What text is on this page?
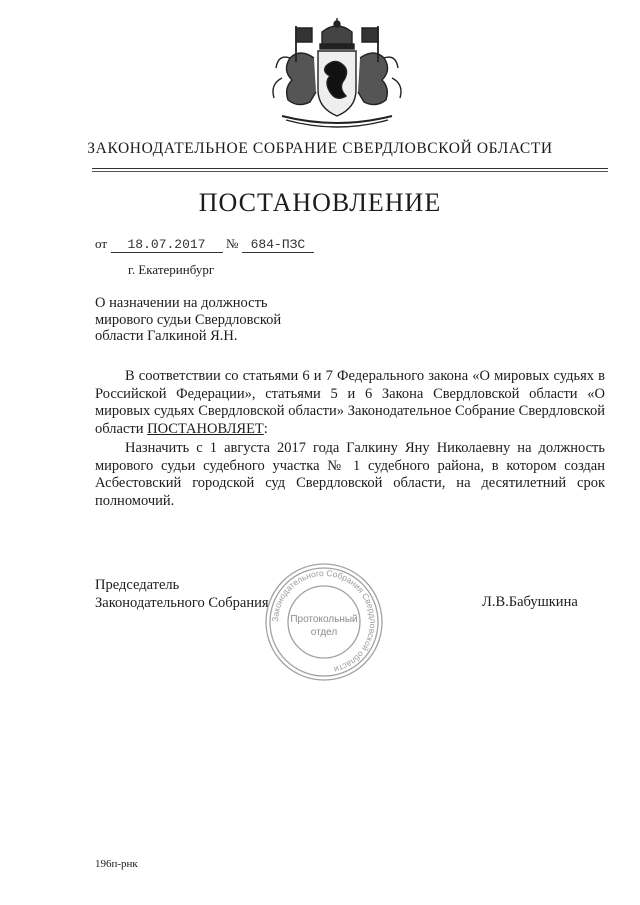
ЗАКОНОДАТЕЛЬНОЕ СОБРАНИЕ СВЕРДЛОВСКОЙ ОБЛАСТИ
ПОСТАНОВЛЕНИЕ
от 18.07.2017 № 684-ПЗС
г. Екатеринбург
О назначении на должность
мирового судьи Свердловской
области Галкиной Я.Н.

В соответствии со статьями 6 и 7 Федерального закона «О мировых судьях в Российской Федерации», статьями 5 и 6 Закона Свердловской области «О мировых судьях Свердловской области» Законодательное Собрание Свердловской области ПОСТАНОВЛЯЕТ:

Назначить с 1 августа 2017 года Галкину Яну Николаевну на должность мирового судьи судебного участка № 1 судебного района, в котором создан Асбестовский городской суд Свердловской области, на десятилетний срок полномочий.

Законодательного Собрания Свердловской области
Протокольный
отдел
Председатель
Законодательного Собрания	Л.В.Бабушкина
196п-рнк
